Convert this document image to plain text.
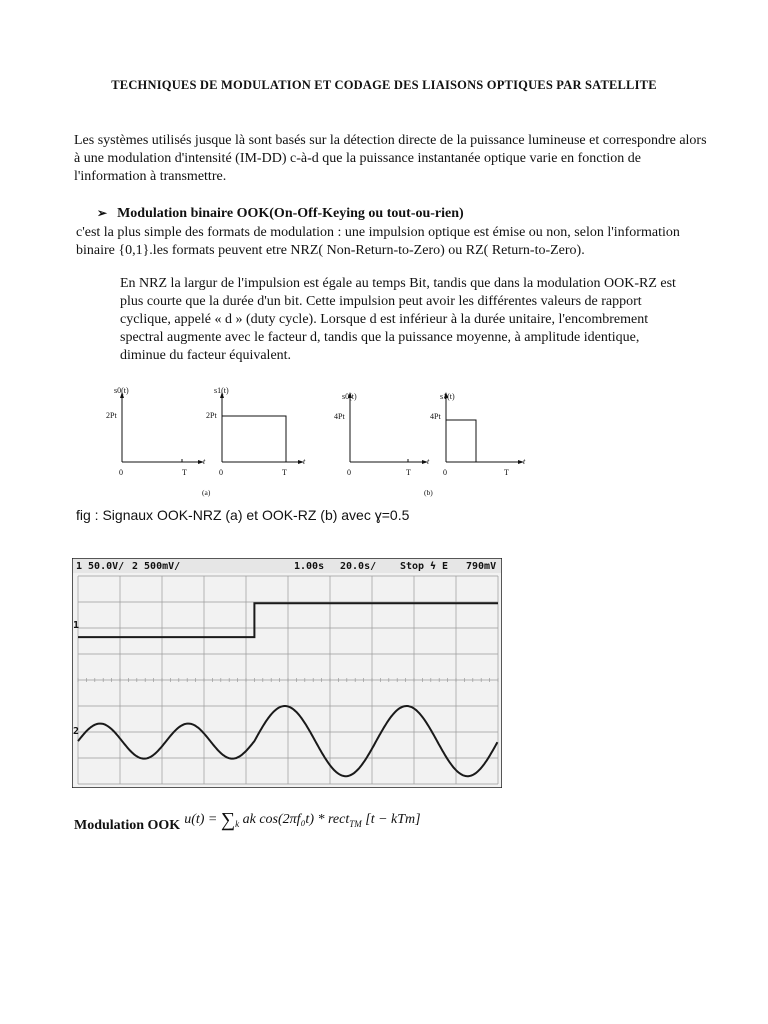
TECHNIQUES DE MODULATION ET CODAGE DES LIAISONS OPTIQUES PAR SATELLITE
Les systèmes utilisés jusque là sont basés sur la détection directe de la puissance lumineuse et correspondre alors à une modulation d'intensité (IM-DD) c-à-d que la puissance instantanée optique varie en fonction de l'information à transmettre.
➢ Modulation binaire OOK(On-Off-Keying ou tout-ou-rien)
c'est la plus simple des formats de modulation : une impulsion optique est émise ou non, selon l'information binaire {0,1}.les formats peuvent etre NRZ( Non-Return-to-Zero) ou RZ( Return-to-Zero).
En NRZ la largur de l'impulsion est égale au temps Bit, tandis que dans la modulation OOK-RZ est plus courte que la durée d'un bit. Cette impulsion peut avoir les différentes valeurs de rapport cyclique, appelé « d » (duty cycle). Lorsque d est inférieur à la durée unitaire, l'encombrement spectral augmente avec le facteur d, tandis que la puissance moyenne, à amplitude identique, diminue du facteur équivalent.
s0(t)
2Pt
0	T
t
s1(t)
2Pt
0	T
t
s0(t)
4Pt
0	T
t
s1(t)
4Pt
0	T
t
(a)	(b)
fig : Signaux OOK-NRZ (a) et OOK-RZ (b) avec ɣ=0.5
1 50.0V/ 2 500mV/	1.00s 20.0s/ Stop ϟ E 790mV
1
2
Modulation OOK $u(t) = \sum_k$ ak cos(2πf₀t) * rect$_{TM}$ [t − kTm]
